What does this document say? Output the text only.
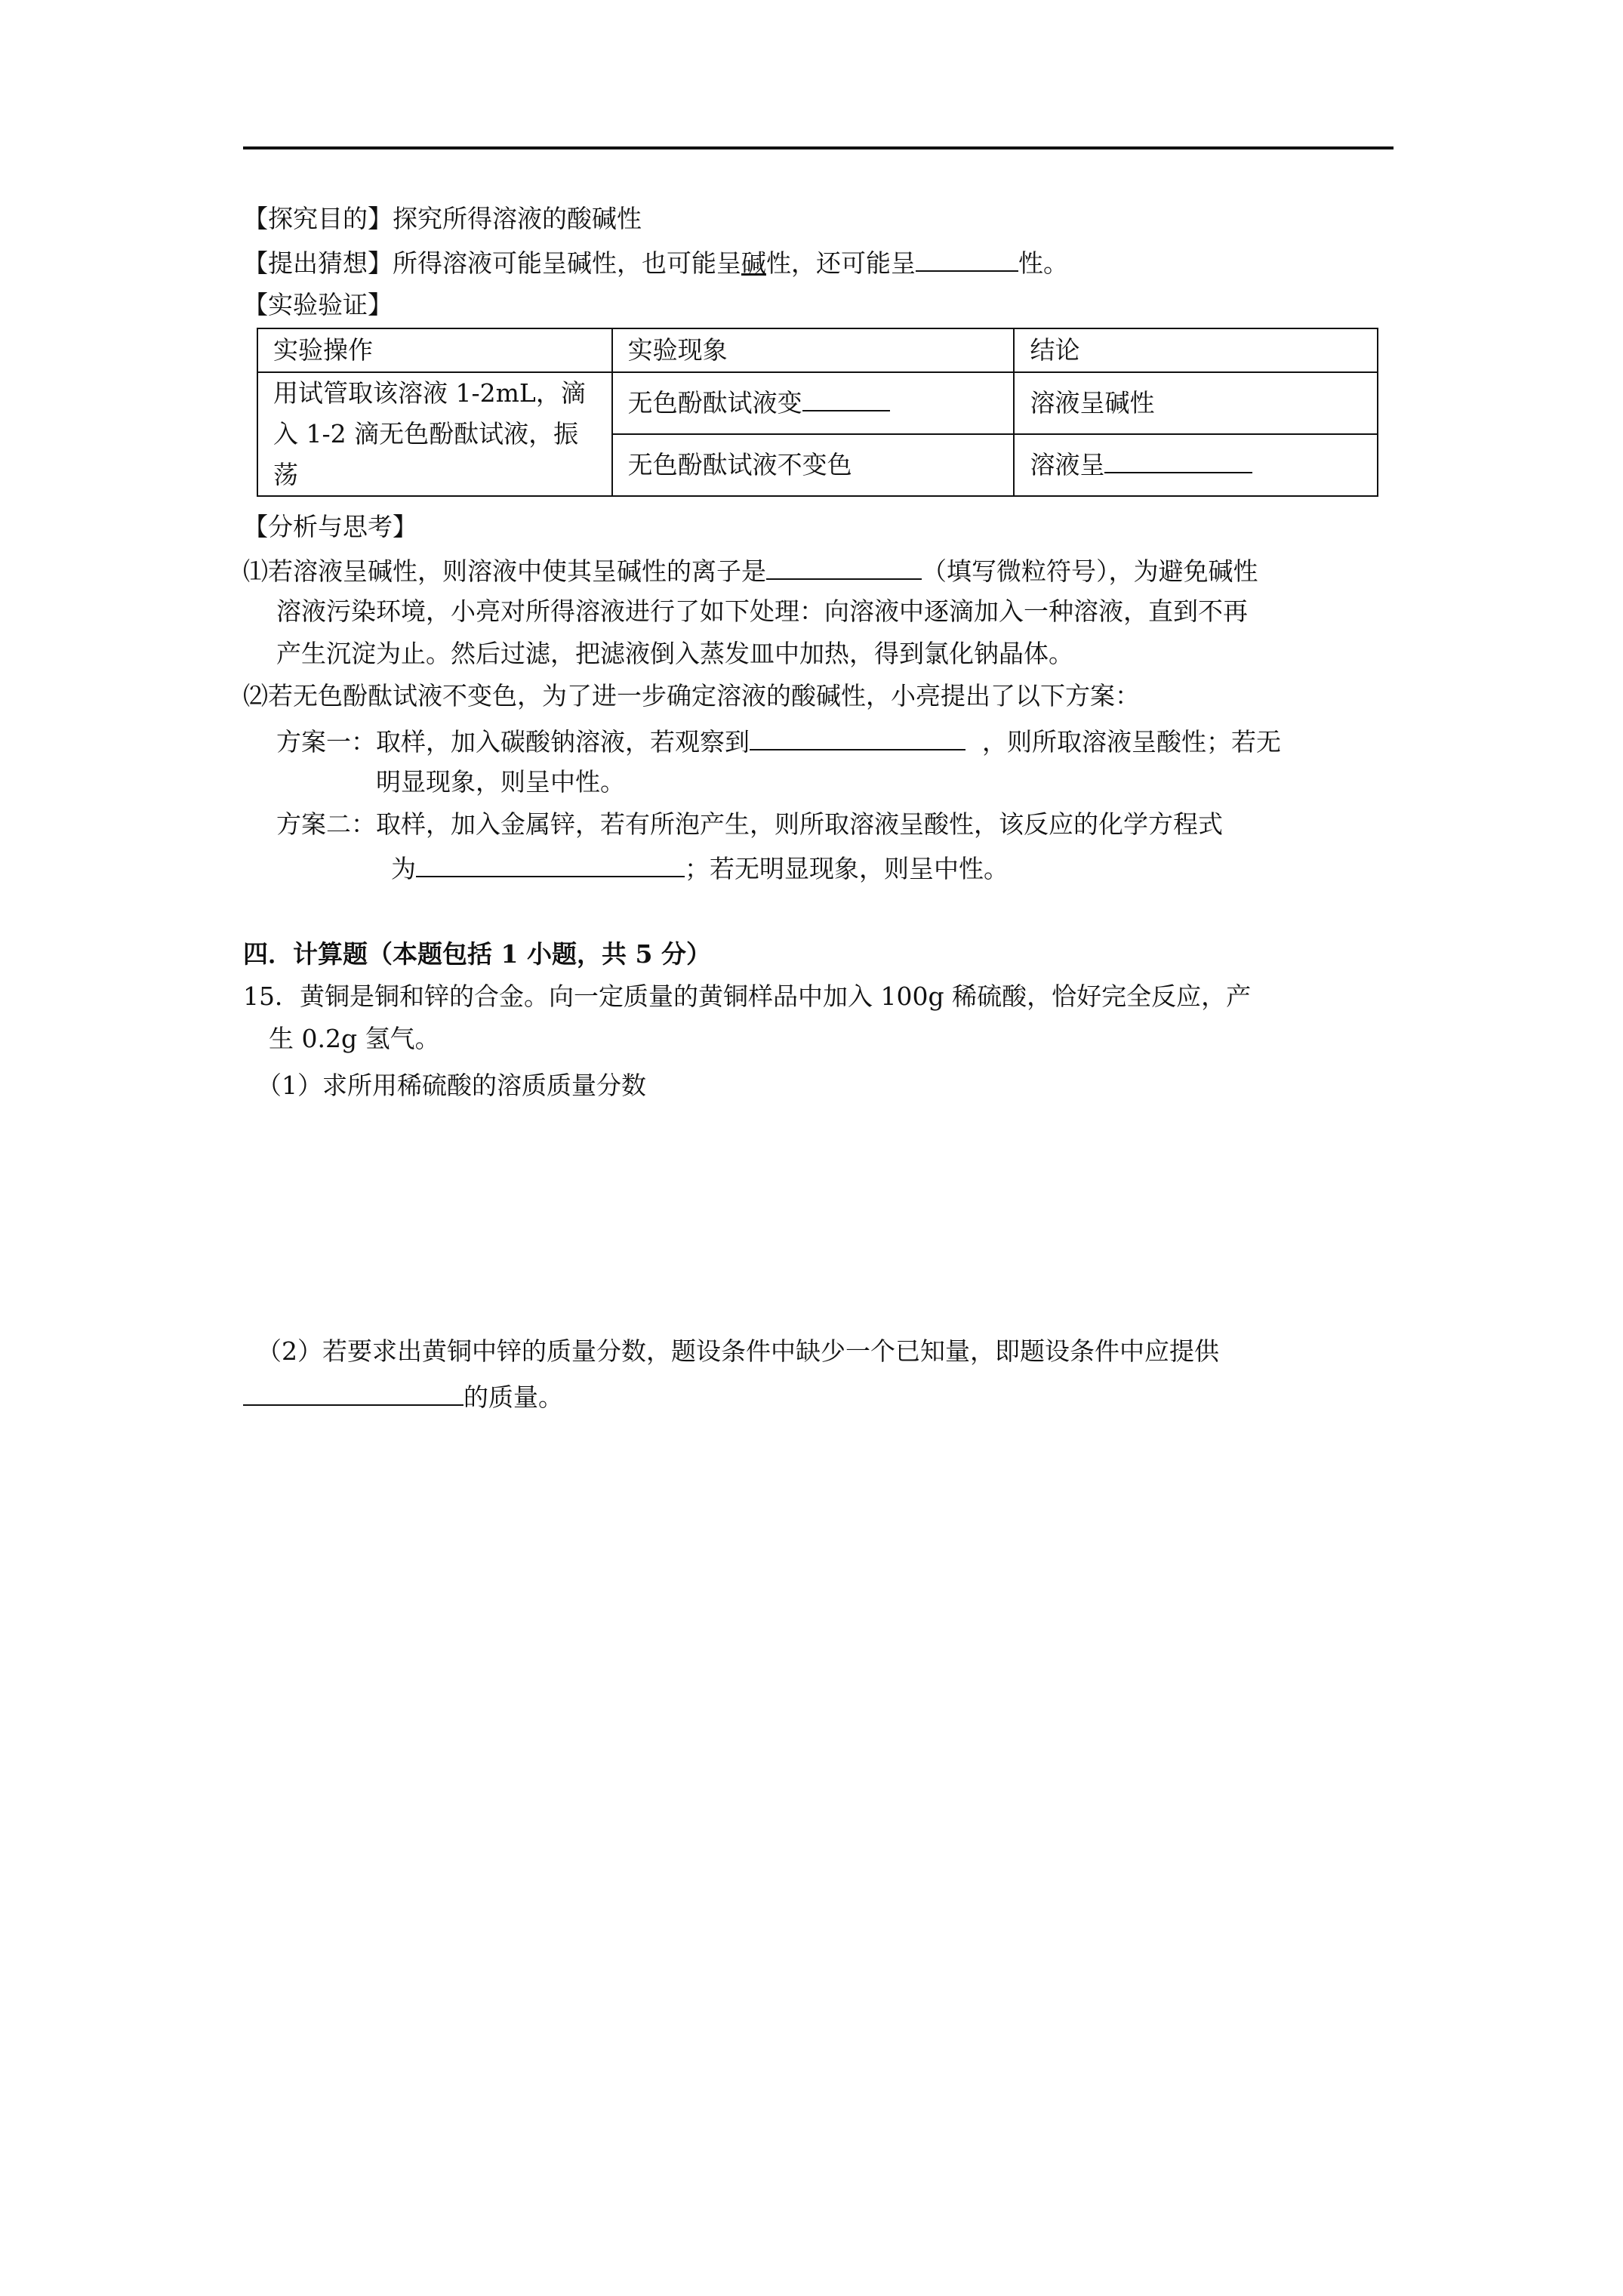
【探究目的】探究所得溶液的酸碱性
【提出猜想】所得溶液可能呈碱性，也可能呈碱性，还可能呈	性。
【实验验证】
实验操作	实验现象	结论

用试管取该溶液 1-2mL，滴
入 1-2 滴无色酚酞试液，振
荡	无色酚酞试液变	溶液呈碱性
	无色酚酞试液不变色	溶液呈
【分析与思考】
⑴若溶液呈碱性，则溶液中使其呈碱性的离子是	（填写微粒符号），为避免碱性
溶液污染环境，小亮对所得溶液进行了如下处理：向溶液中逐滴加入一种溶液，直到不再
产生沉淀为止。然后过滤，把滤液倒入蒸发皿中加热，得到氯化钠晶体。
⑵若无色酚酞试液不变色，为了进一步确定溶液的酸碱性，小亮提出了以下方案：
方案一：取样，加入碳酸钠溶液，若观察到	，则所取溶液呈酸性；若无
明显现象，则呈中性。
方案二：取样，加入金属锌，若有所泡产生，则所取溶液呈酸性，该反应的化学方程式
为	；若无明显现象，则呈中性。
四．计算题（本题包括 1 小题，共 5 分）
15．黄铜是铜和锌的合金。向一定质量的黄铜样品中加入 100g 稀硫酸，恰好完全反应，产
生 0.2g 氢气。
（1）求所用稀硫酸的溶质质量分数
（2）若要求出黄铜中锌的质量分数，题设条件中缺少一个已知量，即题设条件中应提供
的质量。
